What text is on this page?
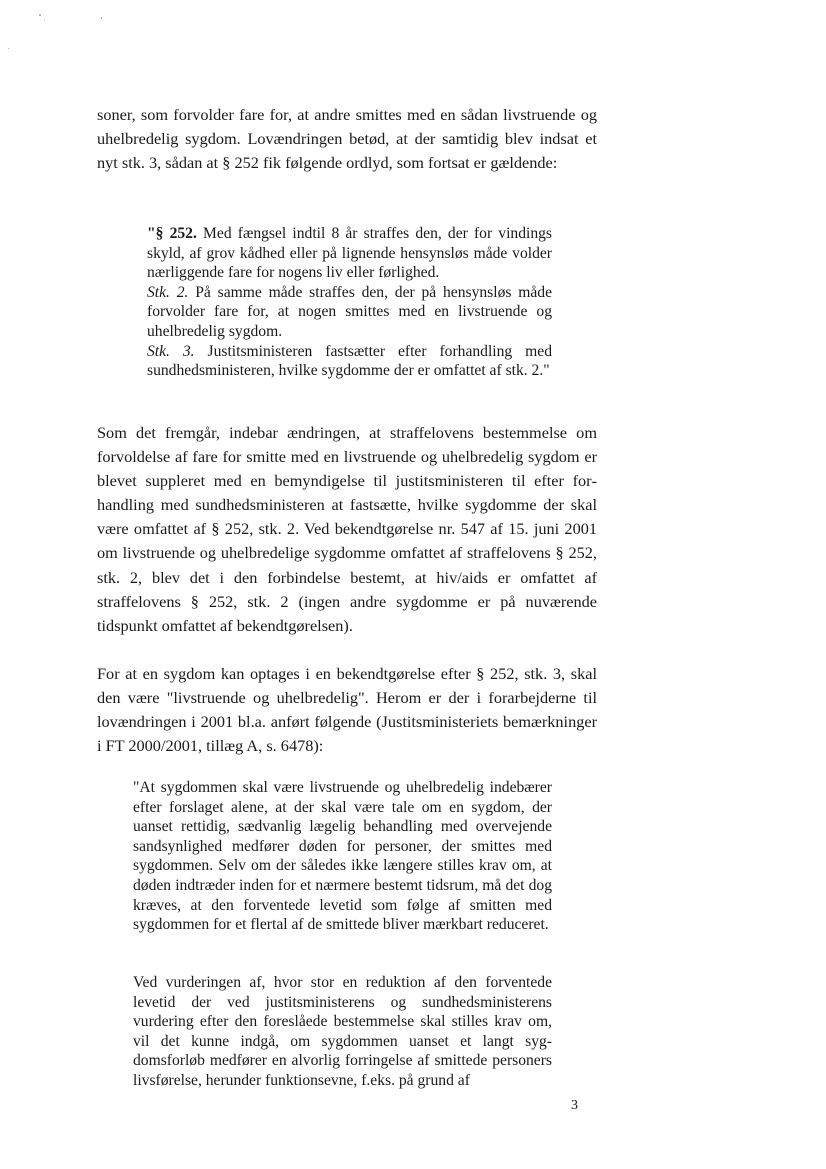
soner, som forvolder fare for, at andre smittes med en sådan livstruende og uhelbredelig sygdom. Lovændringen betød, at der samtidig blev indsat et nyt stk. 3, sådan at § 252 fik følgende ordlyd, som fortsat er gældende:

"§ 252. Med fængsel indtil 8 år straffes den, der for vindings skyld, af grov kådhed eller på lignende hensynsløs måde volder nærliggende fare for nogens liv eller førlighed.
Stk. 2. På samme måde straffes den, der på hensynsløs måde forvolder fare for, at nogen smittes med en livstruende og uhelbredelig sygdom.
Stk. 3. Justitsministeren fastsætter efter forhandling med sundhedsministeren, hvilke sygdomme der er omfattet af stk. 2."

Som det fremgår, indebar ændringen, at straffelovens bestemmelse om forvoldelse af fare for smitte med en livstruende og uhelbredelig sygdom er blevet suppleret med en bemyndigelse til justitsministeren til efter forhandling med sundhedsministeren at fastsætte, hvilke sygdomme der skal være omfattet af § 252, stk. 2. Ved bekendtgørelse nr. 547 af 15. juni 2001 om livstruende og uhelbredelige sygdomme omfattet af straffelovens § 252, stk. 2, blev det i den forbindelse bestemt, at hiv/aids er omfattet af straffelovens § 252, stk. 2 (ingen andre sygdomme er på nuværende tidspunkt omfattet af bekendtgørelsen).

For at en sygdom kan optages i en bekendtgørelse efter § 252, stk. 3, skal den være "livstruende og uhelbredelig". Herom er der i forarbejderne til lovændringen i 2001 bl.a. anført følgende (Justitsministeriets bemærkninger i FT 2000/2001, tillæg A, s. 6478):

"At sygdommen skal være livstruende og uhelbredelig indebærer efter forslaget alene, at der skal være tale om en sygdom, der uanset rettidig, sædvanlig lægelig behandling med overvejende sandsynlighed medfører døden for personer, der smittes med sygdommen. Selv om der således ikke længere stilles krav om, at døden indtræder inden for et nærmere bestemt tidsrum, må det dog kræves, at den forventede levetid som følge af smitten med sygdommen for et flertal af de smittede bliver mærkbart reduceret.

Ved vurderingen af, hvor stor en reduktion af den forventede levetid der ved justitsministerens og sundhedsministerens vurdering efter den foreslåede bestemmelse skal stilles krav om, vil det kunne indgå, om sygdommen uanset et langt sygdomsforløb medfører en alvorlig forringelse af smittede personers livsførelse, herunder funktionsevne, f.eks. på grund af

3
